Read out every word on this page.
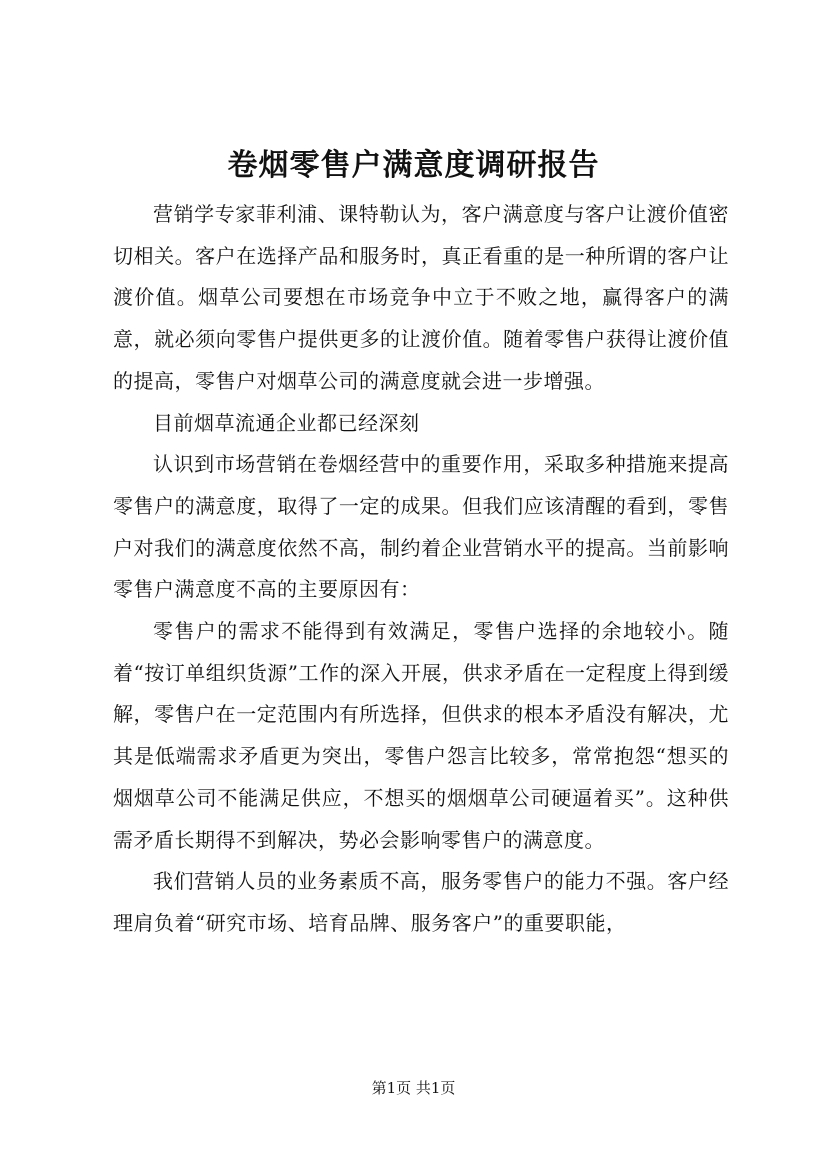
卷烟零售户满意度调研报告

营销学专家菲利浦、课特勒认为，客户满意度与客户让渡价值密切相关。客户在选择产品和服务时，真正看重的是一种所谓的客户让渡价值。烟草公司要想在市场竞争中立于不败之地，赢得客户的满意，就必须向零售户提供更多的让渡价值。随着零售户获得让渡价值的提高，零售户对烟草公司的满意度就会进一步增强。

目前烟草流通企业都已经深刻

认识到市场营销在卷烟经营中的重要作用，采取多种措施来提高零售户的满意度，取得了一定的成果。但我们应该清醒的看到，零售户对我们的满意度依然不高，制约着企业营销水平的提高。当前影响零售户满意度不高的主要原因有：

零售户的需求不能得到有效满足，零售户选择的余地较小。随着“按订单组织货源”工作的深入开展，供求矛盾在一定程度上得到缓解，零售户在一定范围内有所选择，但供求的根本矛盾没有解决，尤其是低端需求矛盾更为突出，零售户怨言比较多，常常抱怨“想买的烟烟草公司不能满足供应，不想买的烟烟草公司硬逼着买”。这种供需矛盾长期得不到解决，势必会影响零售户的满意度。

我们营销人员的业务素质不高，服务零售户的能力不强。客户经理肩负着“研究市场、培育品牌、服务客户”的重要职能，

第1页 共1页
